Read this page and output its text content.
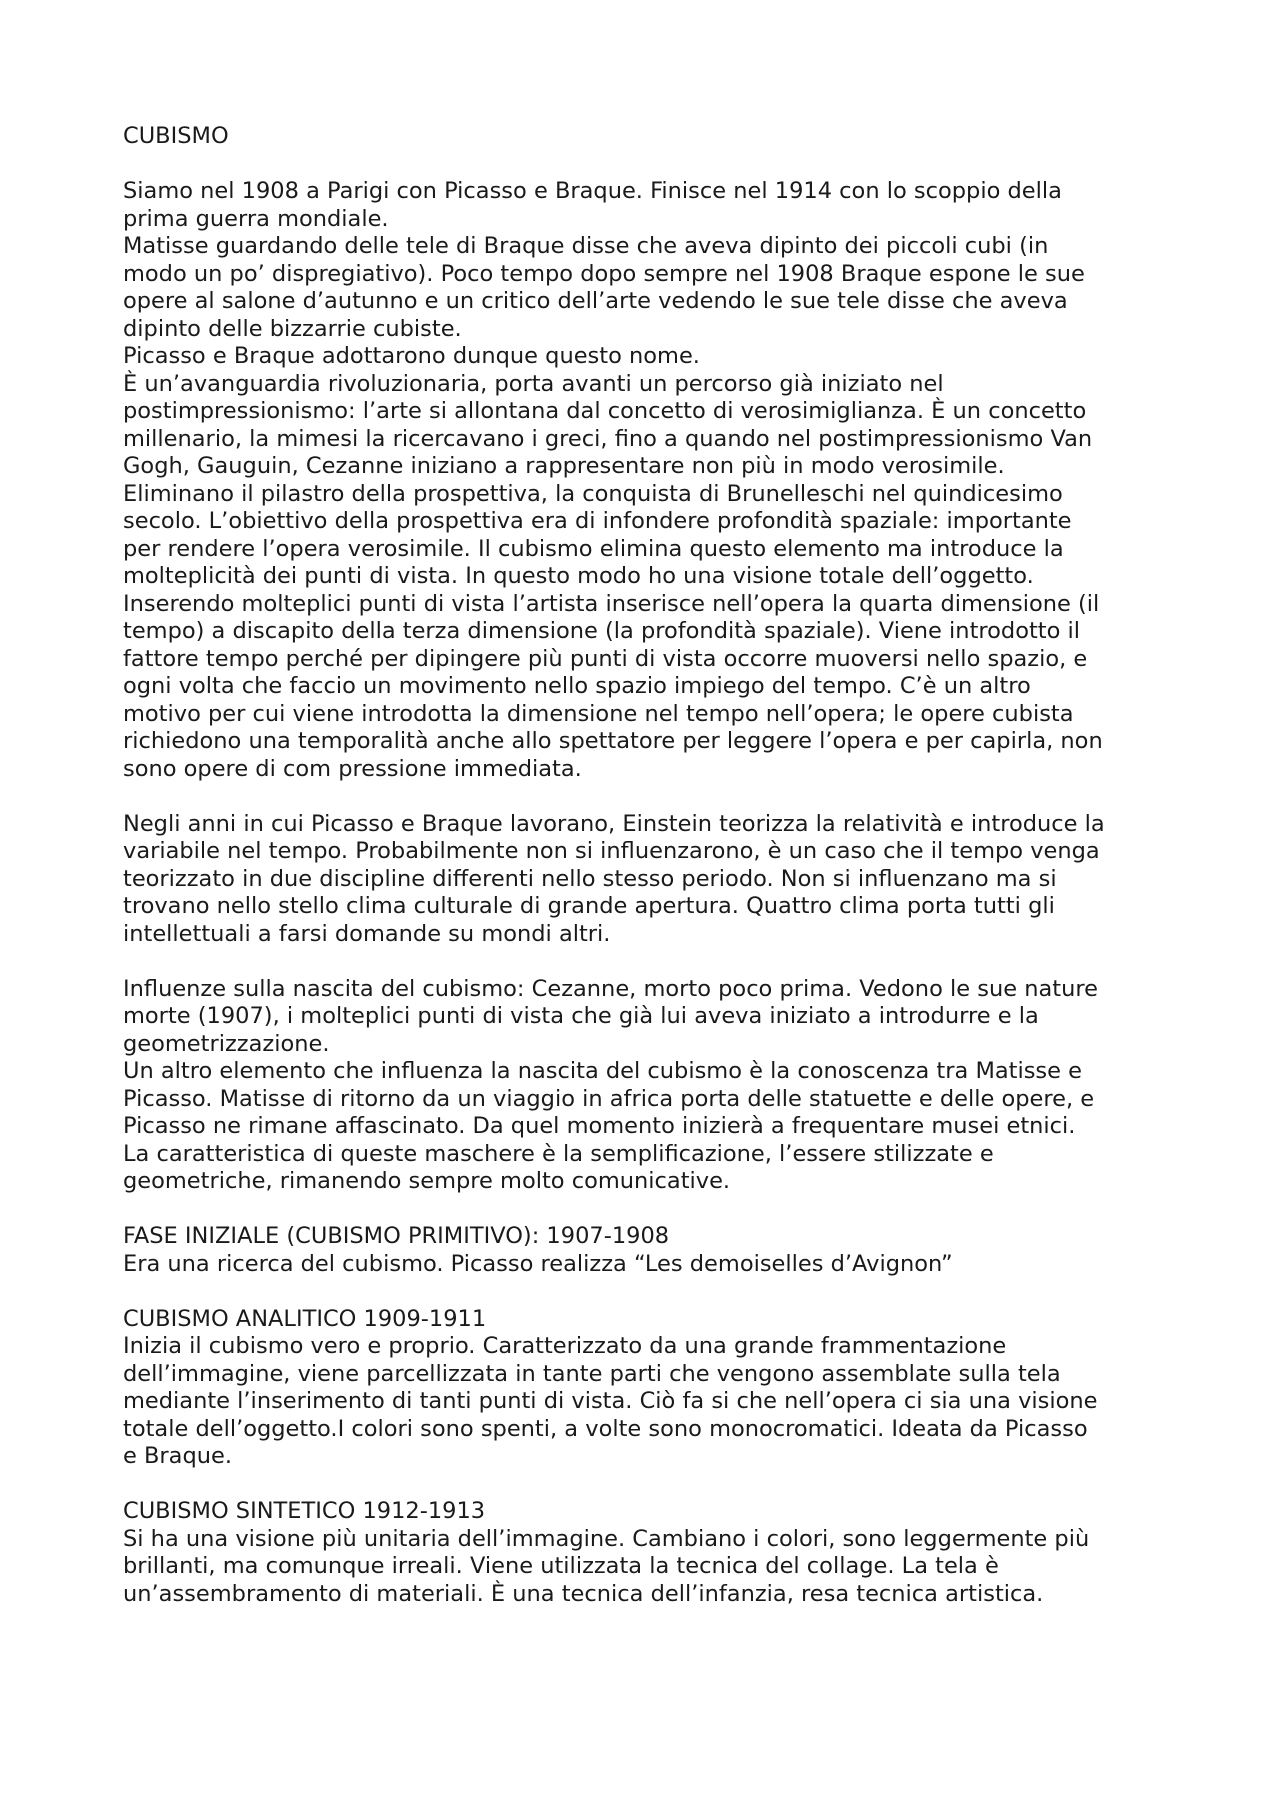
CUBISMO

Siamo nel 1908 a Parigi con Picasso e Braque. Finisce nel 1914 con lo scoppio della
prima guerra mondiale.

Matisse guardando delle tele di Braque disse che aveva dipinto dei piccoli cubi (in
modo un po’ dispregiativo). Poco tempo dopo sempre nel 1908 Braque espone le sue
opere al salone d’autunno e un critico dell’arte vedendo le sue tele disse che aveva
dipinto delle bizzarrie cubiste.

Picasso e Braque adottarono dunque questo nome.

È un’avanguardia rivoluzionaria, porta avanti un percorso già iniziato nel
postimpressionismo: l’arte si allontana dal concetto di verosimiglianza. È un concetto
millenario, la mimesi la ricercavano i greci, fino a quando nel postimpressionismo Van
Gogh, Gauguin, Cezanne iniziano a rappresentare non più in modo verosimile.
Eliminano il pilastro della prospettiva, la conquista di Brunelleschi nel quindicesimo
secolo. L’obiettivo della prospettiva era di infondere profondità spaziale: importante
per rendere l’opera verosimile. Il cubismo elimina questo elemento ma introduce la
molteplicità dei punti di vista. In questo modo ho una visione totale dell’oggetto.
Inserendo molteplici punti di vista l’artista inserisce nell’opera la quarta dimensione (il
tempo) a discapito della terza dimensione (la profondità spaziale). Viene introdotto il
fattore tempo perché per dipingere più punti di vista occorre muoversi nello spazio, e
ogni volta che faccio un movimento nello spazio impiego del tempo. C’è un altro
motivo per cui viene introdotta la dimensione nel tempo nell’opera; le opere cubista
richiedono una temporalità anche allo spettatore per leggere l’opera e per capirla, non
sono opere di com pressione immediata.

Negli anni in cui Picasso e Braque lavorano, Einstein teorizza la relatività e introduce la
variabile nel tempo. Probabilmente non si influenzarono, è un caso che il tempo venga
teorizzato in due discipline differenti nello stesso periodo. Non si influenzano ma si
trovano nello stello clima culturale di grande apertura. Quattro clima porta tutti gli
intellettuali a farsi domande su mondi altri.

Influenze sulla nascita del cubismo: Cezanne, morto poco prima. Vedono le sue nature
morte (1907), i molteplici punti di vista che già lui aveva iniziato a introdurre e la
geometrizzazione.

Un altro elemento che influenza la nascita del cubismo è la conoscenza tra Matisse e
Picasso. Matisse di ritorno da un viaggio in africa porta delle statuette e delle opere, e
Picasso ne rimane affascinato. Da quel momento inizierà a frequentare musei etnici.
La caratteristica di queste maschere è la semplificazione, l’essere stilizzate e
geometriche, rimanendo sempre molto comunicative.

FASE INIZIALE (CUBISMO PRIMITIVO): 1907-1908

Era una ricerca del cubismo. Picasso realizza “Les demoiselles d’Avignon”

CUBISMO ANALITICO 1909-1911

Inizia il cubismo vero e proprio. Caratterizzato da una grande frammentazione
dell’immagine, viene parcellizzata in tante parti che vengono assemblate sulla tela
mediante l’inserimento di tanti punti di vista. Ciò fa si che nell’opera ci sia una visione
totale dell’oggetto.I colori sono spenti, a volte sono monocromatici. Ideata da Picasso
e Braque.

CUBISMO SINTETICO 1912-1913

Si ha una visione più unitaria dell’immagine. Cambiano i colori, sono leggermente più
brillanti, ma comunque irreali. Viene utilizzata la tecnica del collage. La tela è
un’assembramento di materiali. È una tecnica dell’infanzia, resa tecnica artistica.
